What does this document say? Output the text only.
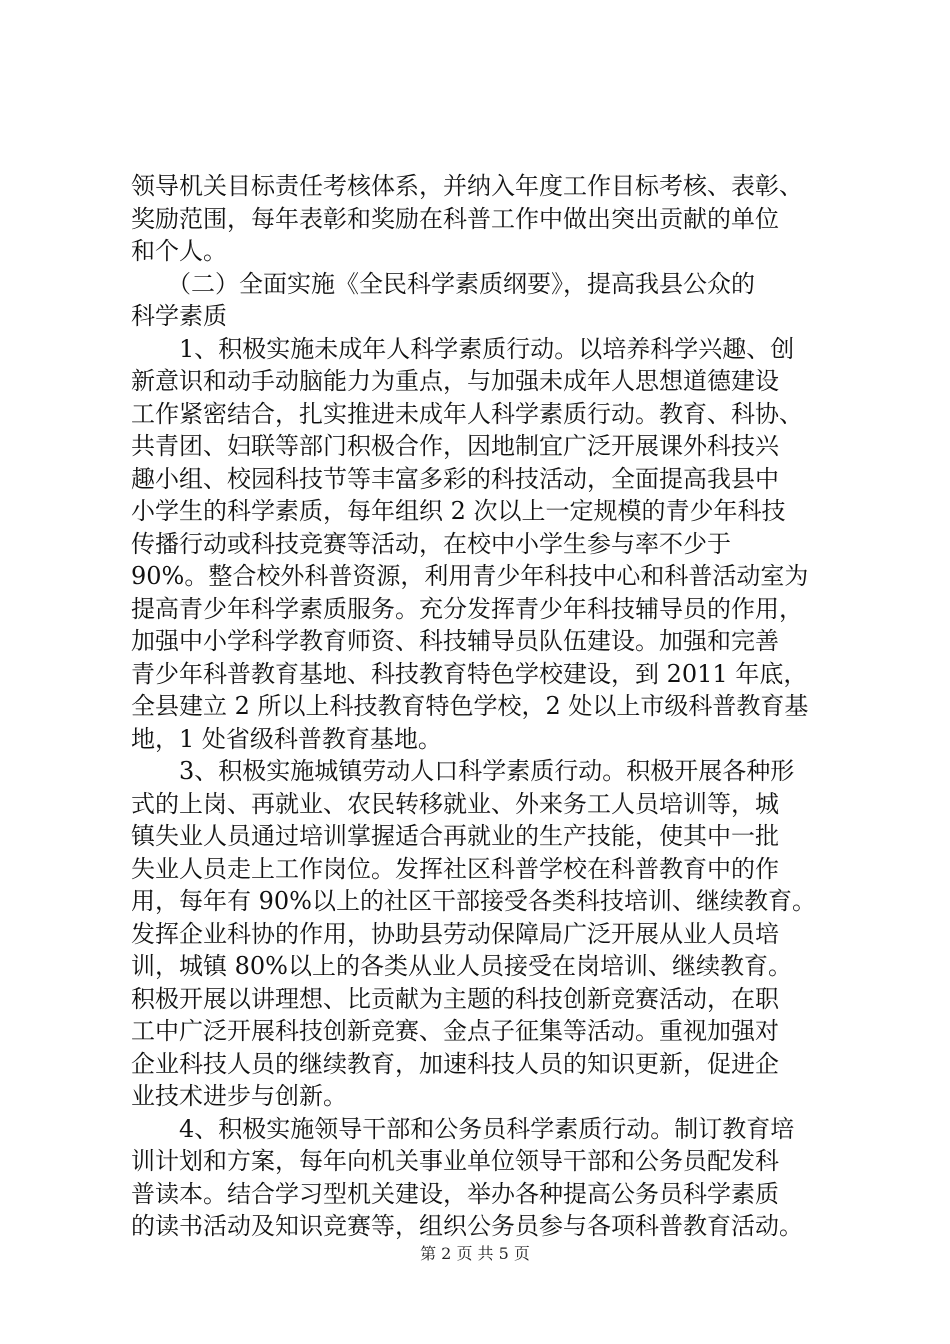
领导机关目标责任考核体系，并纳入年度工作目标考核、表彰、
奖励范围，每年表彰和奖励在科普工作中做出突出贡献的单位
和个人。
　　（二）全面实施《全民科学素质纲要》，提高我县公众的
科学素质
　　1、积极实施未成年人科学素质行动。以培养科学兴趣、创
新意识和动手动脑能力为重点，与加强未成年人思想道德建设
工作紧密结合，扎实推进未成年人科学素质行动。教育、科协、
共青团、妇联等部门积极合作，因地制宜广泛开展课外科技兴
趣小组、校园科技节等丰富多彩的科技活动，全面提高我县中
小学生的科学素质，每年组织 2 次以上一定规模的青少年科技
传播行动或科技竞赛等活动，在校中小学生参与率不少于
90%。整合校外科普资源，利用青少年科技中心和科普活动室为
提高青少年科学素质服务。充分发挥青少年科技辅导员的作用，
加强中小学科学教育师资、科技辅导员队伍建设。加强和完善
青少年科普教育基地、科技教育特色学校建设，到 2011 年底，
全县建立 2 所以上科技教育特色学校，2 处以上市级科普教育基
地，1 处省级科普教育基地。
　　3、积极实施城镇劳动人口科学素质行动。积极开展各种形
式的上岗、再就业、农民转移就业、外来务工人员培训等，城
镇失业人员通过培训掌握适合再就业的生产技能，使其中一批
失业人员走上工作岗位。发挥社区科普学校在科普教育中的作
用，每年有 90%以上的社区干部接受各类科技培训、继续教育。
发挥企业科协的作用，协助县劳动保障局广泛开展从业人员培
训，城镇 80%以上的各类从业人员接受在岗培训、继续教育。
积极开展以讲理想、比贡献为主题的科技创新竞赛活动，在职
工中广泛开展科技创新竞赛、金点子征集等活动。重视加强对
企业科技人员的继续教育，加速科技人员的知识更新，促进企
业技术进步与创新。
　　4、积极实施领导干部和公务员科学素质行动。制订教育培
训计划和方案，每年向机关事业单位领导干部和公务员配发科
普读本。结合学习型机关建设，举办各种提高公务员科学素质
的读书活动及知识竞赛等，组织公务员参与各项科普教育活动。
第 2 页 共 5 页
